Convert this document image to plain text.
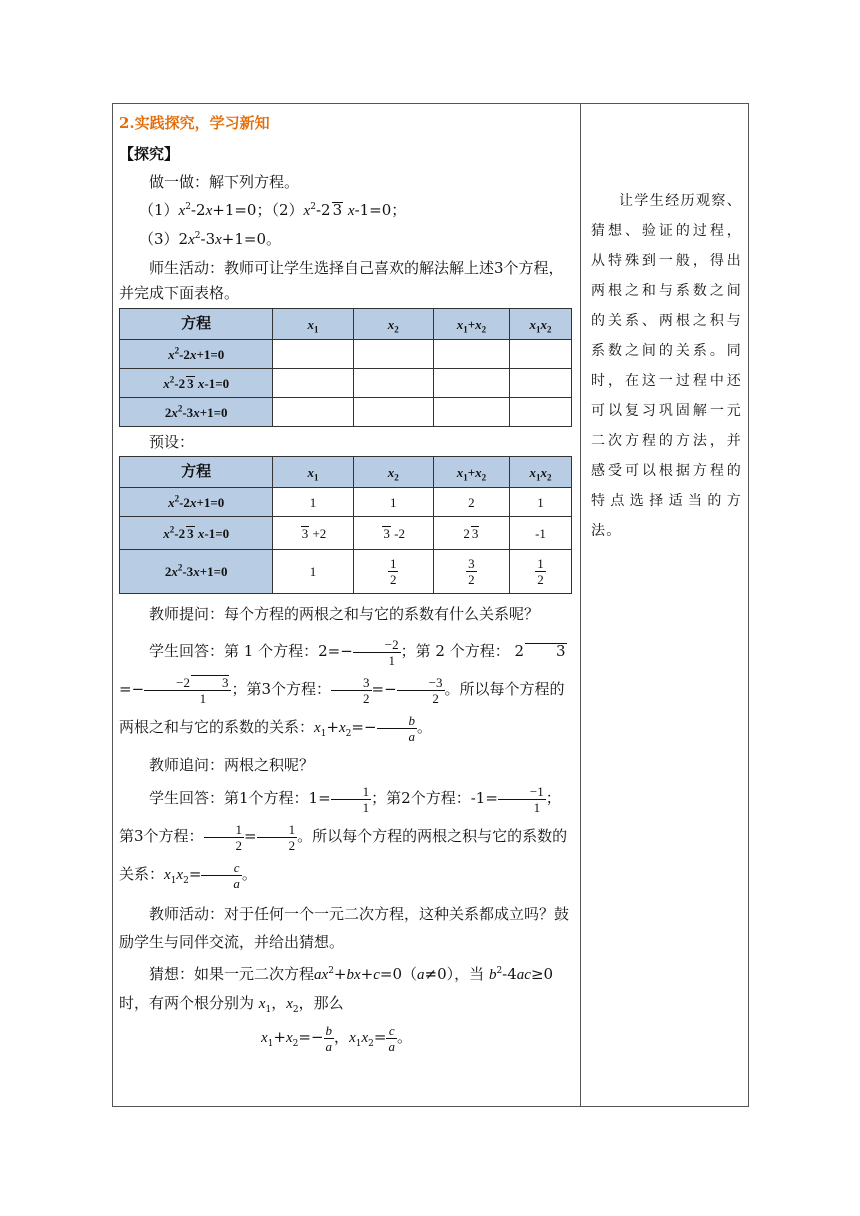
2.实践探究，学习新知

【探究】

做一做：解下列方程。

$(1)x^2-2x+1=0$；$(2)x^2-2$ 3 x-1=0；

$(3)2x^2-3x+1=0$。

师生活动：教师可让学生选择自己喜欢的解法解上述3个方程，并完成下面表格。

方程	$x_1$	$x_2$	$x_1+x_2$	$x_1x_2$
$x^2-2x+1=0$				
$x^2-2$ 3 x-1=0				
$2x^2-3x+1=0$				

预设：

方程	$x_1$	$x_2$	$x_1+x_2$	$x_1x_2$
$x^2-2x+1=0$	1	1	2	1
$x^2-2$ 3 x-1=0	3 +2	3 -2	2 3	-1
$2x^2-3x+1=0$	1	$\frac{1}{2}$	$\frac{3}{2}$	$\frac{1}{2}$

教师提问：每个方程的两根之和与它的系数有什么关系呢？

学生回答：第 1 个方程：$2=- \frac{-2}{1}$ ；第 2 个方程： 2 $3 =- \frac{-2 3}{1}$ ；第3个方程： $\frac{3}{2} =- \frac{-3}{2}$ 。所以每个方程的两根之和与它的系数的关系：$x_1+x_2=- \frac{b}{a}$ 。

教师追问：两根之积呢？

学生回答：第1个方程：$1= \frac{1}{1}$ ；第2个方程：$-1= \frac{-1}{1}$ ；第3个方程： $\frac{1}{2} = \frac{1}{2}$ 。所以每个方程的两根之积与它的系数的关系：$x_1x_2= \frac{c}{a}$ 。

教师活动：对于任何一个一元二次方程，这种关系都成立吗？鼓励学生与同伴交流，并给出猜想。

猜想：如果一元二次方程$ax^2+bx+c=0(a\ne 0)$，当 $b^2-4ac\ge 0$时，有两个根分别为 $x_1$，$x_2$，那么

$x_1+x_2=- \frac{b}{a}$ ，$x_1x_2= \frac{c}{a}$ 。

让学生经历观察、猜想、验证的过程，从特殊到一般，得出两根之和与系数之间的关系、两根之积与系数之间的关系。同时，在这一过程中还可以复习巩固解一元二次方程的方法，并感受可以根据方程的特点选择适当的方法。
